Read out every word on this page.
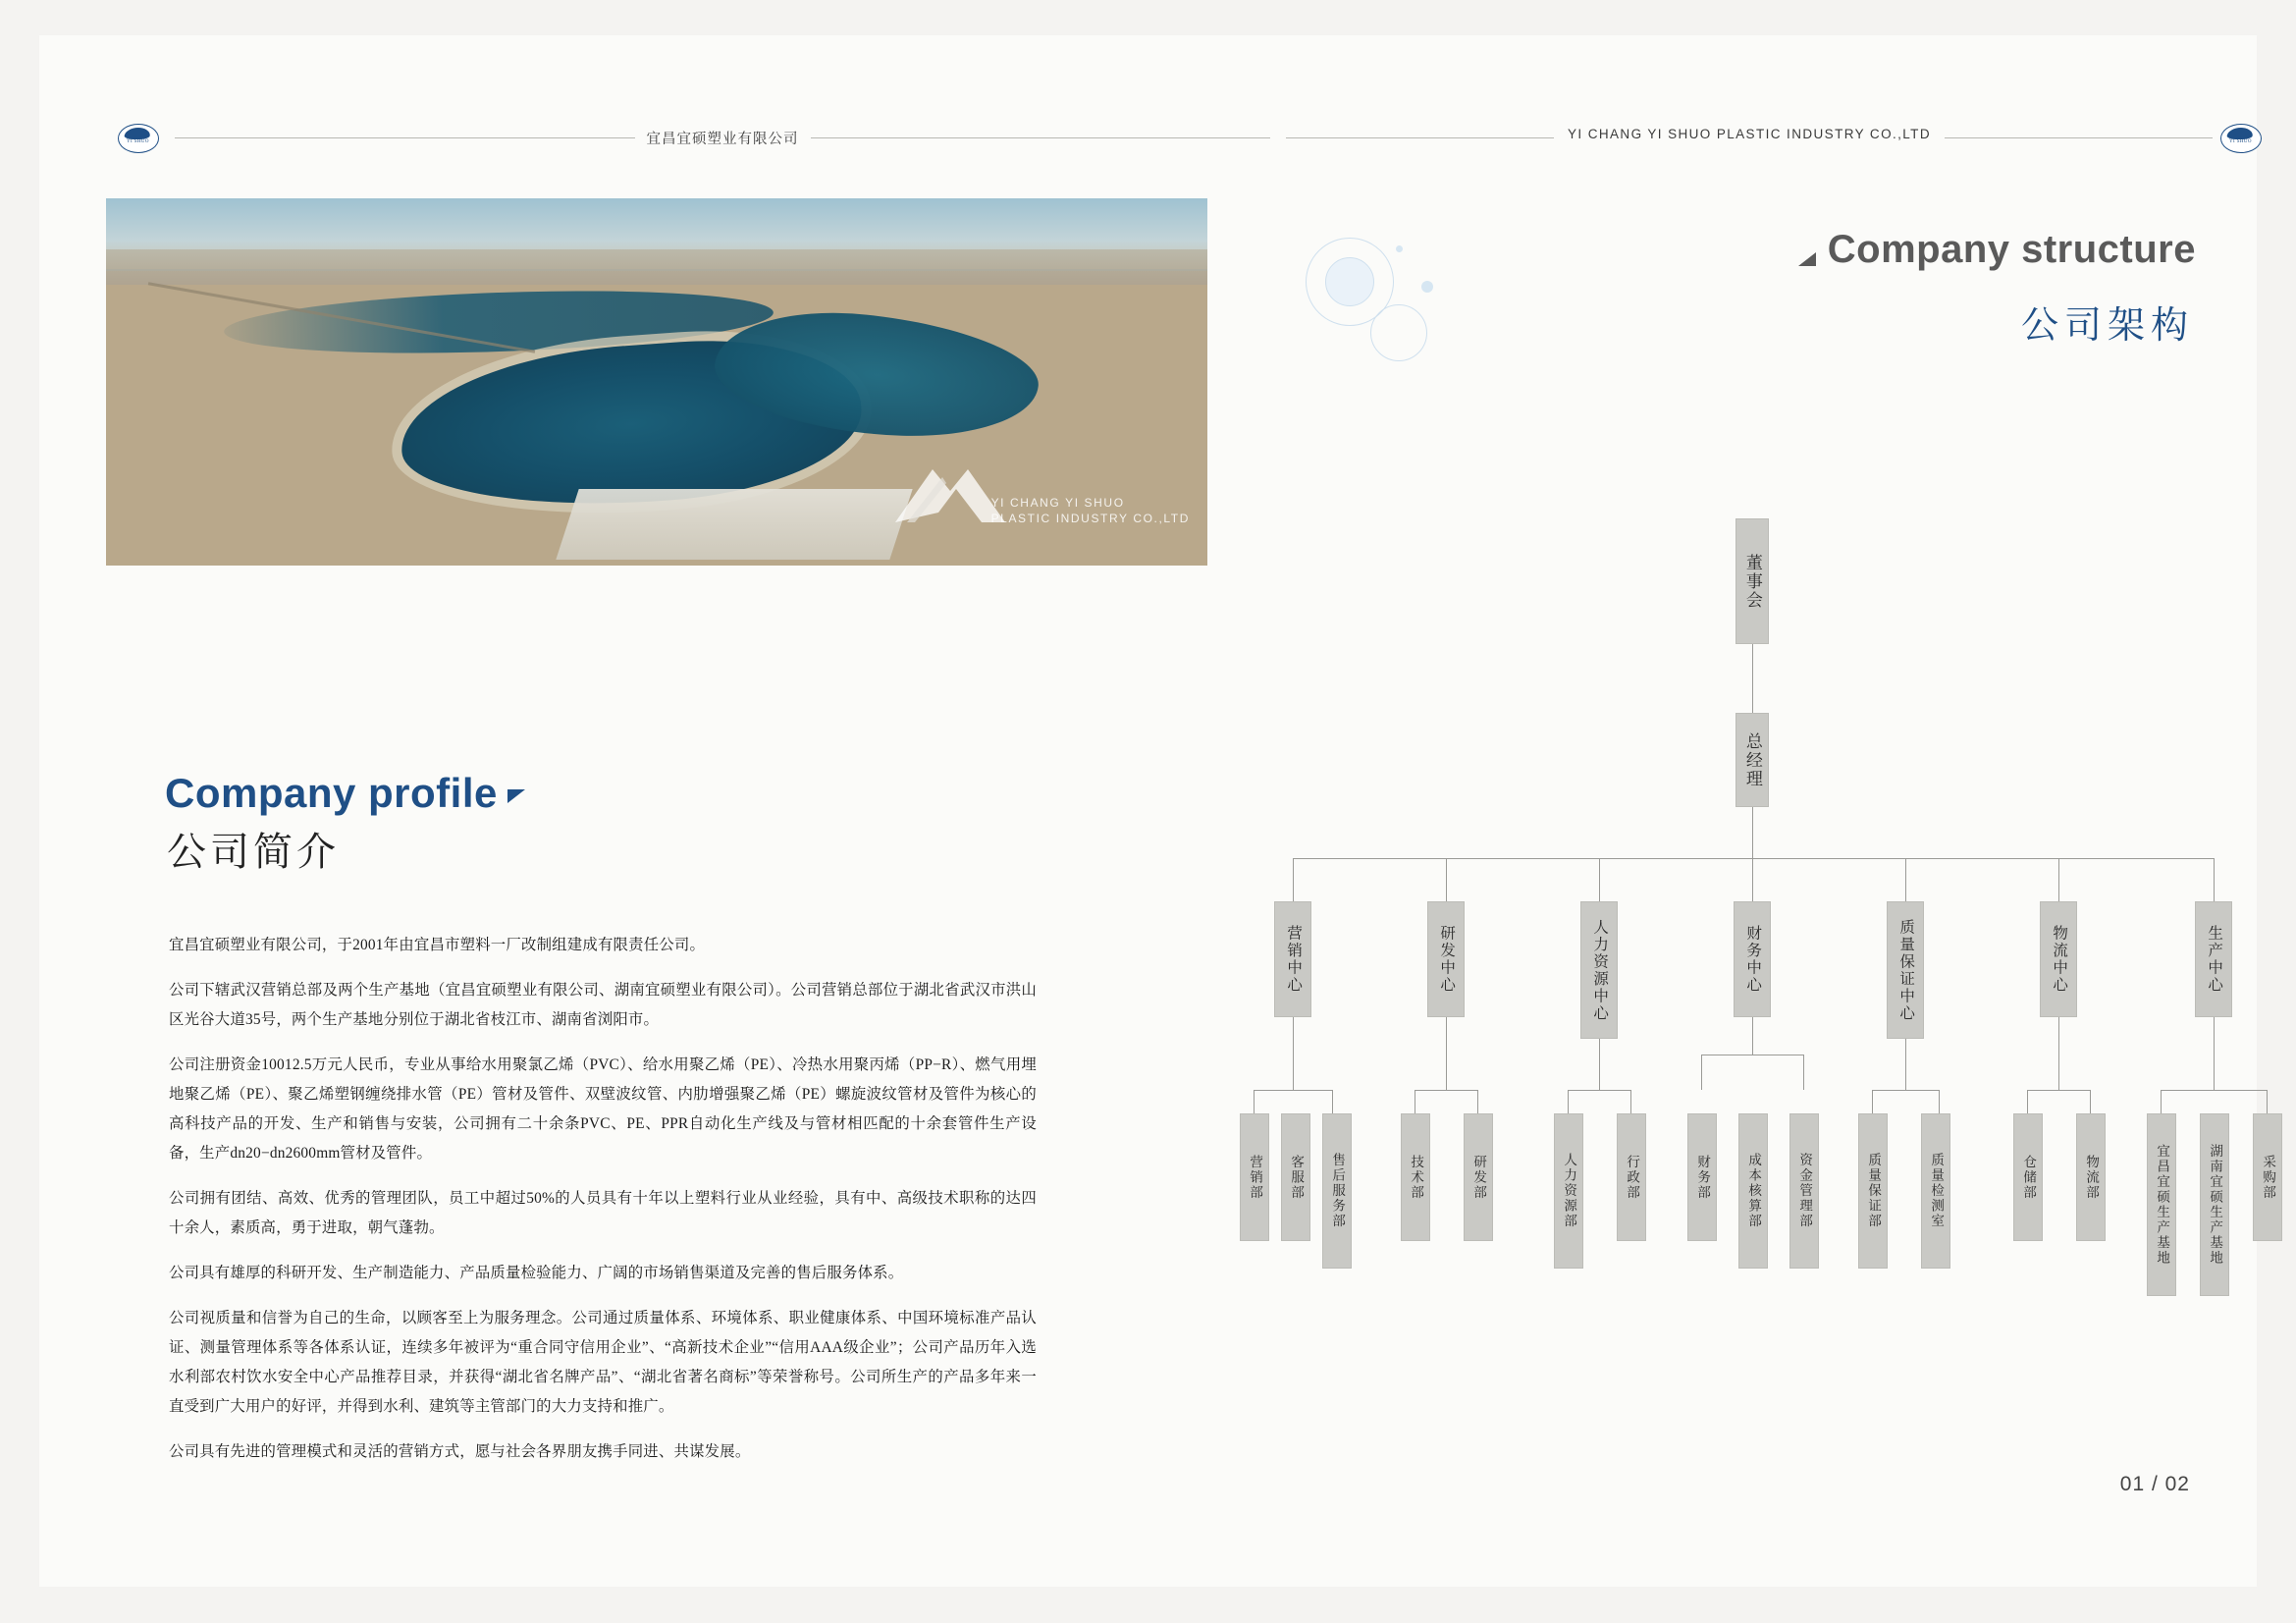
YI SHUO	YI SHUO
宜昌宜硕塑业有限公司	YI CHANG YI SHUO PLASTIC INDUSTRY CO.,LTD
YI CHANG YI SHUO
PLASTIC INDUSTRY CO.,LTD
Company profile
公司简介

宜昌宜硕塑业有限公司，于2001年由宜昌市塑料一厂改制组建成有限责任公司。

公司下辖武汉营销总部及两个生产基地（宜昌宜硕塑业有限公司、湖南宜硕塑业有限公司）。公司营销总部位于湖北省武汉市洪山区光谷大道35号，两个生产基地分别位于湖北省枝江市、湖南省浏阳市。

公司注册资金10012.5万元人民币，专业从事给水用聚氯乙烯（PVC）、给水用聚乙烯（PE）、冷热水用聚丙烯（PP−R）、燃气用埋地聚乙烯（PE）、聚乙烯塑钢缠绕排水管（PE）管材及管件、双壁波纹管、内肋增强聚乙烯（PE）螺旋波纹管材及管件为核心的高科技产品的开发、生产和销售与安装，公司拥有二十余条PVC、PE、PPR自动化生产线及与管材相匹配的十余套管件生产设备，生产dn20−dn2600mm管材及管件。

公司拥有团结、高效、优秀的管理团队，员工中超过50%的人员具有十年以上塑料行业从业经验，具有中、高级技术职称的达四十余人，素质高，勇于进取，朝气蓬勃。

公司具有雄厚的科研开发、生产制造能力、产品质量检验能力、广阔的市场销售渠道及完善的售后服务体系。

公司视质量和信誉为自己的生命，以顾客至上为服务理念。公司通过质量体系、环境体系、职业健康体系、中国环境标准产品认证、测量管理体系等各体系认证，连续多年被评为“重合同守信用企业”、“高新技术企业”“信用AAA级企业”；公司产品历年入选水利部农村饮水安全中心产品推荐目录，并获得“湖北省名牌产品”、“湖北省著名商标”等荣誉称号。公司所生产的产品多年来一直受到广大用户的好评，并得到水利、建筑等主管部门的大力支持和推广。

公司具有先进的管理模式和灵活的营销方式，愿与社会各界朋友携手同进、共谋发展。

Company structure
公司架构
董事会
总经理
营销中心	研发中心	人力资源中心	财务中心	质量保证中心	物流中心	生产中心
营销部	客服部	售后服务部	技术部	研发部	人力资源部	行政部	财务部	成本核算部	资金管理部	质量保证部	质量检测室	仓储部	物流部	宜昌宜硕生产基地	湖南宜硕生产基地	采购部
01 / 02
